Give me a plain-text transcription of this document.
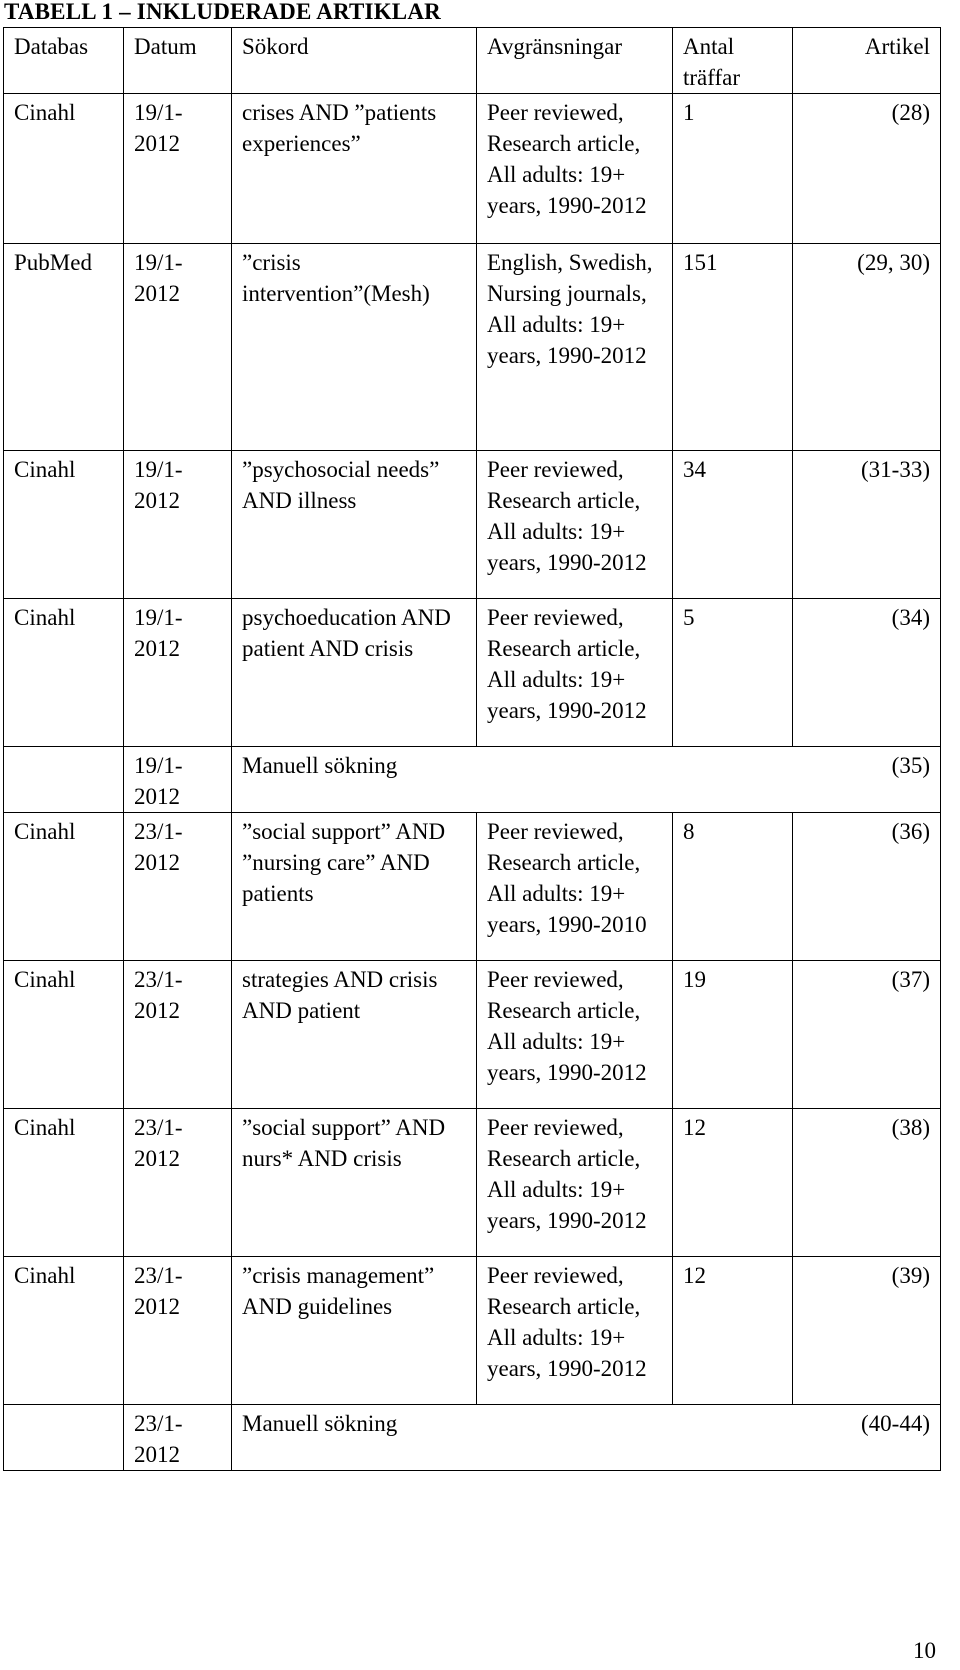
TABELL 1 – INKLUDERADE ARTIKLAR
Databas	Datum	Sökord	Avgränsningar	Antal träffar	Artikel
Cinahl	19/1-2012	crises AND ”patients experiences”	Peer reviewed, Research article, All adults: 19+ years, 1990-2012	1	(28)
PubMed	19/1-2012	”crisis intervention”(Mesh)	English, Swedish, Nursing journals, All adults: 19+ years, 1990-2012	151	(29, 30)
Cinahl	19/1-2012	”psychosocial needs” AND illness	Peer reviewed, Research article, All adults: 19+ years, 1990-2012	34	(31-33)
Cinahl	19/1-2012	psychoeducation AND patient AND crisis	Peer reviewed, Research article, All adults: 19+ years, 1990-2012	5	(34)
	19/1-2012	Manuell sökning			(35)
Cinahl	23/1-2012	”social support” AND ”nursing care” AND patients	Peer reviewed, Research article, All adults: 19+ years, 1990-2010	8	(36)
Cinahl	23/1-2012	strategies AND crisis AND patient	Peer reviewed, Research article, All adults: 19+ years, 1990-2012	19	(37)
Cinahl	23/1-2012	”social support” AND nurs* AND crisis	Peer reviewed, Research article, All adults: 19+ years, 1990-2012	12	(38)
Cinahl	23/1-2012	”crisis management” AND guidelines	Peer reviewed, Research article, All adults: 19+ years, 1990-2012	12	(39)
	23/1-2012	Manuell sökning			(40-44)
10
